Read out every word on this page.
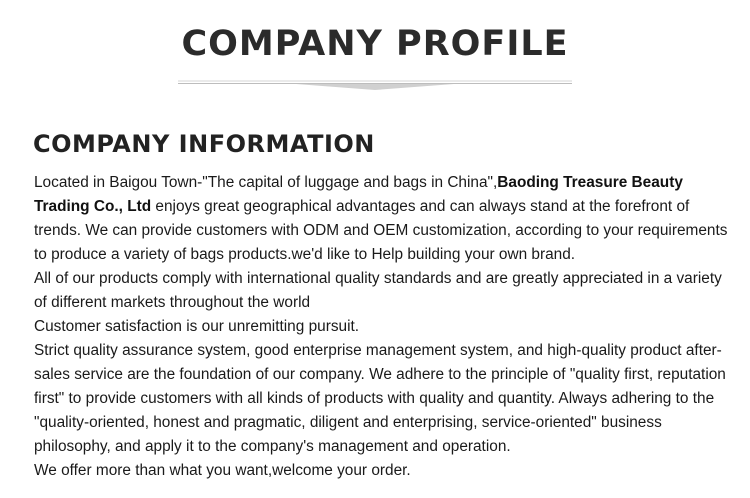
COMPANY PROFILE
COMPANY INFORMATION

Located in Baigou Town-"The capital of luggage and bags in China",Baoding Treasure Beauty Trading Co., Ltd enjoys great geographical advantages and can always stand at the forefront of trends. We can provide customers with ODM and OEM customization, according to your requirements to produce a variety of bags products.we'd like to Help building your own brand.

All of our products comply with international quality standards and are greatly appreciated in a variety of different markets throughout the world

Customer satisfaction is our unremitting pursuit.

Strict quality assurance system, good enterprise management system, and high-quality product after-sales service are the foundation of our company. We adhere to the principle of "quality first, reputation first" to provide customers with all kinds of products with quality and quantity. Always adhering to the "quality-oriented, honest and pragmatic, diligent and enterprising, service-oriented" business philosophy, and apply it to the company's management and operation.

We offer more than what you want,welcome your order.
